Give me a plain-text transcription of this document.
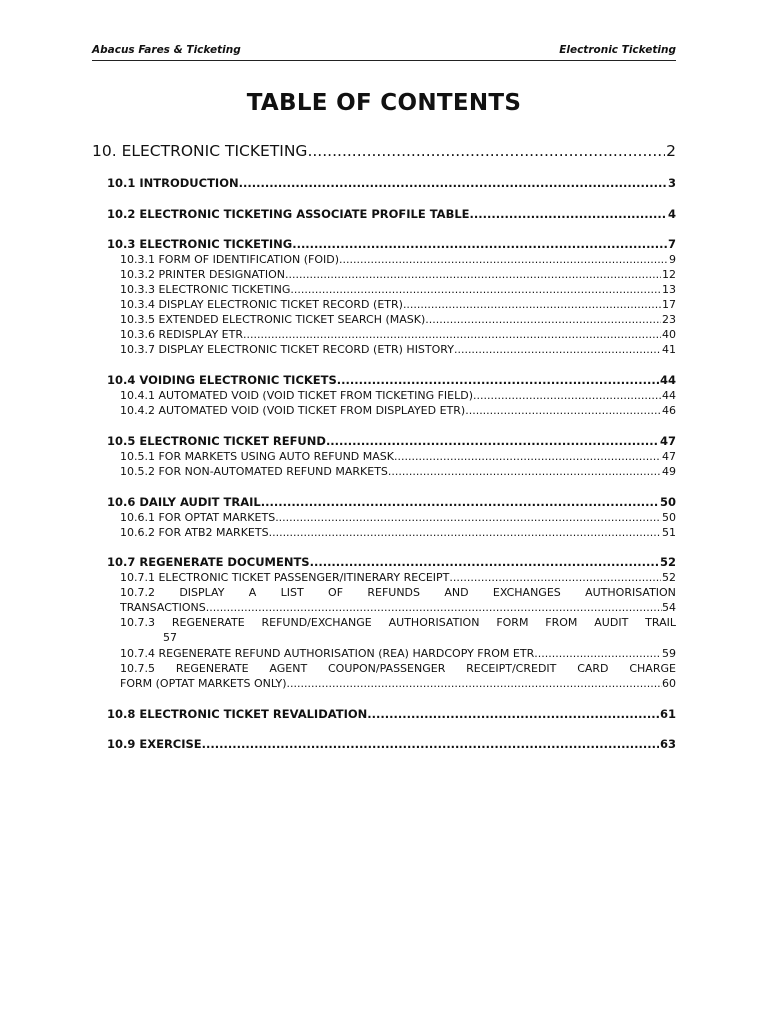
Abacus Fares & Ticketing	Electronic Ticketing
TABLE OF CONTENTS
10. ELECTRONIC TICKETING .....	2
10.1 INTRODUCTION .....	3
10.2 ELECTRONIC TICKETING ASSOCIATE PROFILE TABLE .....	4
10.3 ELECTRONIC TICKETING .....	7
10.3.1 FORM OF IDENTIFICATION (FOID) .....	9
10.3.2 PRINTER DESIGNATION .....	12
10.3.3 ELECTRONIC TICKETING .....	13
10.3.4 DISPLAY ELECTRONIC TICKET RECORD (ETR) .....	17
10.3.5 EXTENDED ELECTRONIC TICKET SEARCH (MASK) .....	23
10.3.6 REDISPLAY ETR .....	40
10.3.7 DISPLAY ELECTRONIC TICKET RECORD (ETR) HISTORY .....	41
10.4 VOIDING ELECTRONIC TICKETS .....	44
10.4.1 AUTOMATED VOID (VOID TICKET FROM TICKETING FIELD) .....	44
10.4.2 AUTOMATED VOID (VOID TICKET FROM DISPLAYED ETR) .....	46
10.5 ELECTRONIC TICKET REFUND .....	47
10.5.1 FOR MARKETS USING AUTO REFUND MASK .....	47
10.5.2 FOR NON-AUTOMATED REFUND MARKETS .....	49
10.6 DAILY AUDIT TRAIL .....	50
10.6.1 FOR OPTAT MARKETS .....	50
10.6.2 FOR ATB2 MARKETS .....	51
10.7 REGENERATE DOCUMENTS .....	52
10.7.1 ELECTRONIC TICKET PASSENGER/ITINERARY RECEIPT .....	52
10.7.2 DISPLAY A LIST OF REFUNDS AND EXCHANGES AUTHORISATION
TRANSACTIONS .....	54
10.7.3 REGENERATE REFUND/EXCHANGE AUTHORISATION FORM FROM AUDIT TRAIL
57
10.7.4 REGENERATE REFUND AUTHORISATION (REA) HARDCOPY FROM ETR .....	59
10.7.5 REGENERATE AGENT COUPON/PASSENGER RECEIPT/CREDIT CARD CHARGE
FORM (OPTAT MARKETS ONLY) .....	60
10.8 ELECTRONIC TICKET REVALIDATION .....	61
10.9 EXERCISE .....	63
